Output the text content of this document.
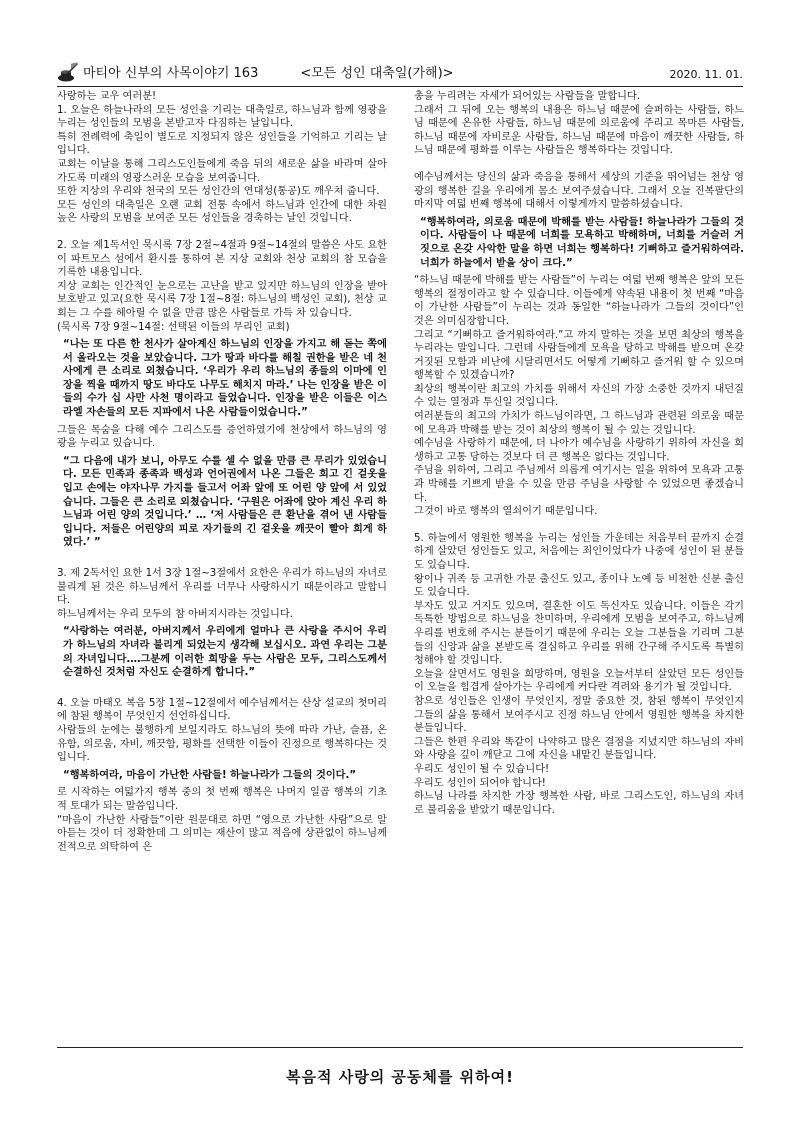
마티아 신부의 사목이야기 163	<모든 성인 대축일(가해)>	2020. 11. 01.

사랑하는 교우 여러분!

1. 오늘은 하늘나라의 모든 성인을 기리는 대축일로, 하느님과 함께 영광을 누리는 성인들의 모범을 본받고자 다짐하는 날입니다.

특히 전례력에 축일이 별도로 지정되지 않은 성인들을 기억하고 기리는 날입니다.

교회는 이날을 통해 그리스도인들에게 죽음 뒤의 새로운 삶을 바라며 살아가도록 미래의 영광스러운 모습을 보여줍니다.

또한 지상의 우리와 천국의 모든 성인간의 연대성(통공)도 깨우쳐 줍니다.

모든 성인의 대축일은 오랜 교회 전통 속에서 하느님과 인간에 대한 차원 높은 사랑의 모범을 보여준 모든 성인들을 경축하는 날인 것입니다.

2. 오늘 제1독서인 묵시록 7장 2절~4절과 9절~14절의 말씀은 사도 요한이 파트모스 섬에서 환시를 통하여 본 지상 교회와 천상 교회의 참 모습을 기록한 내용입니다.

지상 교회는 인간적인 눈으로는 고난을 받고 있지만 하느님의 인장을 받아 보호받고 있고(요한 묵시록 7장 1절~8절: 하느님의 백성인 교회), 천상 교회는 그 수를 헤아릴 수 없을 만큼 많은 사람들로 가득 차 있습니다.

(묵시록 7장 9절~14절: 선택된 이들의 무리인 교회)

“나는 또 다른 한 천사가 살아계신 하느님의 인장을 가지고 해 돋는 쪽에서 올라오는 것을 보았습니다. 그가 땅과 바다를 해칠 권한을 받은 네 천사에게 큰 소리로 외쳤습니다. ‘우리가 우리 하느님의 종들의 이마에 인장을 찍을 때까지 땅도 바다도 나무도 해치지 마라.’ 나는 인장을 받은 이들의 수가 십 사만 사천 명이라고 들었습니다. 인장을 받은 이들은 이스라엘 자손들의 모든 지파에서 나온 사람들이었습니다.”

그들은 목숨을 다해 예수 그리스도를 증언하였기에 천상에서 하느님의 영광을 누리고 있습니다.

“그 다음에 내가 보니, 아무도 수를 셀 수 없을 만큼 큰 무리가 있었습니다. 모든 민족과 종족과 백성과 언어권에서 나온 그들은 희고 긴 겉옷을 입고 손에는 야자나무 가지를 들고서 어좌 앞에 또 어린 양 앞에 서 있었습니다. 그들은 큰 소리로 외쳤습니다. ‘구원은 어좌에 앉아 계신 우리 하느님과 어린 양의 것입니다.’ … ‘저 사람들은 큰 환난을 겪어 낸 사람들입니다. 저들은 어린양의 피로 자기들의 긴 겉옷을 깨끗이 빨아 희게 하였다.’ ”

3. 제 2독서인 요한 1서 3장 1절~3절에서 요한은 우리가 하느님의 자녀로 불리게 된 것은 하느님께서 우리를 너무나 사랑하시기 때문이라고 말합니다.

하느님께서는 우리 모두의 참 아버지시라는 것입니다.

“사랑하는 여러분, 아버지께서 우리에게 얼마나 큰 사랑을 주시어 우리가 하느님의 자녀라 불리게 되었는지 생각해 보십시오. 과연 우리는 그분의 자녀입니다.…그분께 이러한 희망을 두는 사람은 모두, 그리스도께서 순결하신 것처럼 자신도 순결하게 합니다.”

4. 오늘 마태오 복음 5장 1절~12절에서 예수님께서는 산상 설교의 첫머리에 참된 행복이 무엇인지 선언하십니다.

사람들의 눈에는 불행하게 보일지라도 하느님의 뜻에 따라 가난, 슬픔, 온유함, 의로움, 자비, 깨끗함, 평화를 선택한 이들이 진정으로 행복하다는 것입니다.

“행복하여라, 마음이 가난한 사람들! 하늘나라가 그들의 것이다.”

로 시작하는 여덟가지 행복 중의 첫 번째 행복은 나머지 일곱 행복의 기초적 토대가 되는 말씀입니다.

“마음이 가난한 사람들”이란 원문대로 하면 “영으로 가난한 사람”으로 알아듣는 것이 더 정확한데 그 의미는 재산이 많고 적음에 상관없이 하느님께 전적으로 의탁하여 은

총을 누리려는 자세가 되어있는 사람들을 말합니다.

그래서 그 뒤에 오는 행복의 내용은 하느님 때문에 슬퍼하는 사람들, 하느님 때문에 온유한 사람들, 하느님 때문에 의로움에 주리고 목마른 사람들, 하느님 때문에 자비로운 사람들, 하느님 때문에 마음이 깨끗한 사람들, 하느님 때문에 평화를 이루는 사람들은 행복하다는 것입니다.

예수님께서는 당신의 삶과 죽음을 통해서 세상의 기준을 뛰어넘는 천상 영광의 행복한 길을 우리에게 몸소 보여주셨습니다. 그래서 오늘 진복팔단의 마지막 여덟 번째 행복에 대해서 이렇게까지 말씀하셨습니다.

“행복하여라, 의로움 때문에 박해를 받는 사람들! 하늘나라가 그들의 것이다. 사람들이 나 때문에 너희를 모욕하고 박해하며, 너희를 거슬러 거짓으로 온갖 사악한 말을 하면 너희는 행복하다! 기뻐하고 즐거워하여라. 너희가 하늘에서 받을 상이 크다.”

“하느님 때문에 박해를 받는 사람들”이 누리는 여덟 번째 행복은 앞의 모든 행복의 절정이라고 할 수 있습니다. 이들에게 약속된 내용이 첫 번째 “마음이 가난한 사람들”이 누리는 것과 동일한 “하늘나라가 그들의 것이다”인 것은 의미심장합니다.

그리고 “기뻐하고 즐거워하여라.”고 까지 말하는 것을 보면 최상의 행복을 누리라는 말입니다. 그런데 사람들에게 모욕을 당하고 박해를 받으며 온갖 거짓된 모함과 비난에 시달리면서도 어떻게 기뻐하고 즐거워 할 수 있으며 행복할 수 있겠습니까?

최상의 행복이란 최고의 가치를 위해서 자신의 가장 소중한 것까지 내던질 수 있는 열정과 투신일 것입니다.

여러분들의 최고의 가치가 하느님이라면, 그 하느님과 관련된 의로움 때문에 모욕과 박해를 받는 것이 최상의 행복이 될 수 있는 것입니다.

예수님을 사랑하기 때문에, 더 나아가 예수님을 사랑하기 위하여 자신을 희생하고 고통 당하는 것보다 더 큰 행복은 없다는 것입니다.

주님을 위하여, 그리고 주님께서 의롭게 여기시는 일을 위하여 모욕과 고통과 박해를 기쁘게 받을 수 있을 만큼 주님을 사랑할 수 있었으면 좋겠습니다.

그것이 바로 행복의 열쇠이기 때문입니다.

5. 하늘에서 영원한 행복을 누리는 성인들 가운데는 처음부터 끝까지 순결하게 살았던 성인들도 있고, 처음에는 죄인이었다가 나중에 성인이 된 분들도 있습니다.

왕이나 귀족 등 고귀한 가문 출신도 있고, 종이나 노예 등 비천한 신분 출신도 있습니다.

부자도 있고 거지도 있으며, 결혼한 이도 독신자도 있습니다. 이들은 각기 독특한 방법으로 하느님을 찬미하며, 우리에게 모범을 보여주고, 하느님께 우리를 변호해 주시는 분들이기 때문에 우리는 오늘 그분들을 기리며 그분들의 신앙과 삶을 본받도록 결심하고 우리를 위해 간구해 주시도록 특별히 청해야 할 것입니다.

오늘을 살면서도 영원을 희망하며, 영원을 오늘서부터 살았던 모든 성인들이 오늘을 힘겹게 살아가는 우리에게 커다란 격려와 용기가 될 것입니다.

참으로 성인들은 인생이 무엇인지, 정말 중요한 것, 참된 행복이 무엇인지 그들의 삶을 통해서 보여주시고 진정 하느님 안에서 영원한 행복을 차지한 분들입니다.

그들은 한편 우리와 똑같이 나약하고 많은 결점을 지녔지만 하느님의 자비와 사랑을 깊이 깨닫고 그에 자신을 내맡긴 분들입니다.

우리도 성인이 될 수 있습니다!

우리도 성인이 되어야 합니다!

하느님 나라를 차지한 가장 행복한 사람, 바로 그리스도인, 하느님의 자녀로 불리움을 받았기 때문입니다.

복음적 사랑의 공동체를 위하여!
